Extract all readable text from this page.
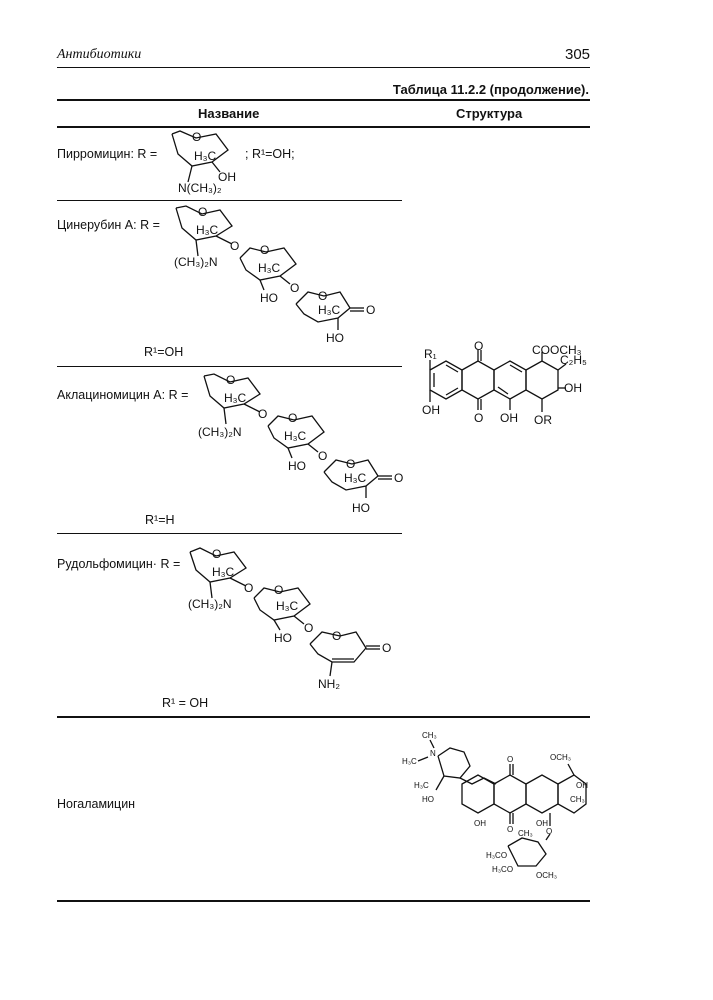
Антибиотики	305
Таблица 11.2.2 (продолжение).
Название	Структура
Пирромицин: R =	; R¹=OH;
Цинерубин А: R =
R¹=OH
Аклациномицин А: R =
R¹=H
Рудольфомицин· R =
R¹ = OH
Ногаламицин
O
H₃C
OH
N(CH₃)₂
O
H₃C
O
(CH₃)₂N
O
H₃C
O
HO	O
H₃C O
HO
O
H₃C
O
(CH₃)₂N
O
H₃C
O
HO	O
H₃C O
HO
O
H₃C
O
(CH₃)₂N
O
H₃C
O
HO	O
O
NH₂
R₁
O
O
OH
OH OR
COOCH₃
C₂H₅
OH
CH₃
N
H₃C
H₃C
HO
O
O
OH	OH
OCH₃
OH
CH₃
O
CH₃
H₃CO
H₃CO
OCH₃
